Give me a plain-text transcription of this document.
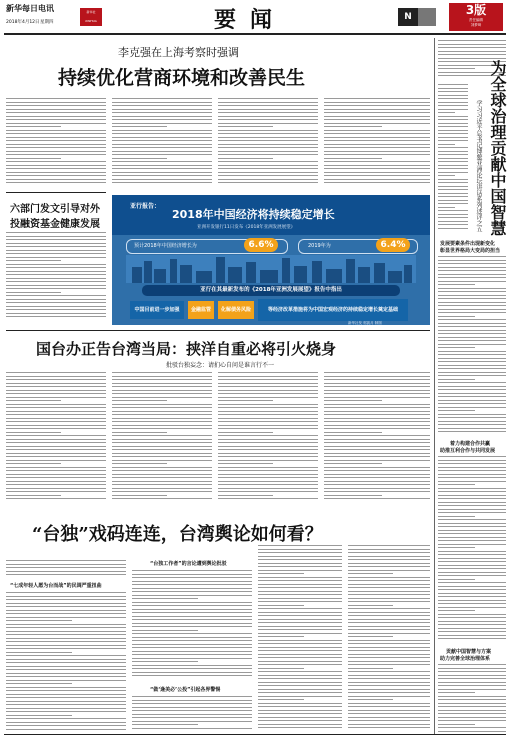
新华每日电讯
2018年4月12日 星期四
新华社
XINHUA	要闻	N	3版
责任编辑
刘梦琦
李克强在上海考察时强调
持续优化营商环境和改善民生
六部门发文引导对外
投融资基金健康发展
亚行报告：
2018年中国经济将持续稳定增长
亚洲开发银行11日发布《2018年亚洲发展展望》
预计2018年中国经济增长为	6.6%	2019年为	6.4%
亚行在其最新发布的《2018年亚洲发展展望》报告中指出
中国目前进一步加强	金融监管	化解债务风险	等经济改革措施将为中国宏观经济的持续稳定增长奠定基础
新华社发 郭凯月 制图
国台办正告台湾当局：挟洋自重必将引火烧身
批驳台独妄念：请扪心自问是谁言行不一
“台独”戏码连连，台湾舆论如何看？
“七成年轻人愿为台而战”的民调严重扭曲
“台独工作者”的言论遭到舆论批驳
“做‘逢美必’公投”引起各界警惕
为全球治理贡献中国智慧
学习习近平总书记博鳌亚洲论坛讲话系列述评之五
发展要素条件出现新变化
彰显世界格局大变局的担当
着力构建合作共赢
助推互利合作与共同发展
贡献中国智慧与方案
助力完善全球治理体系
